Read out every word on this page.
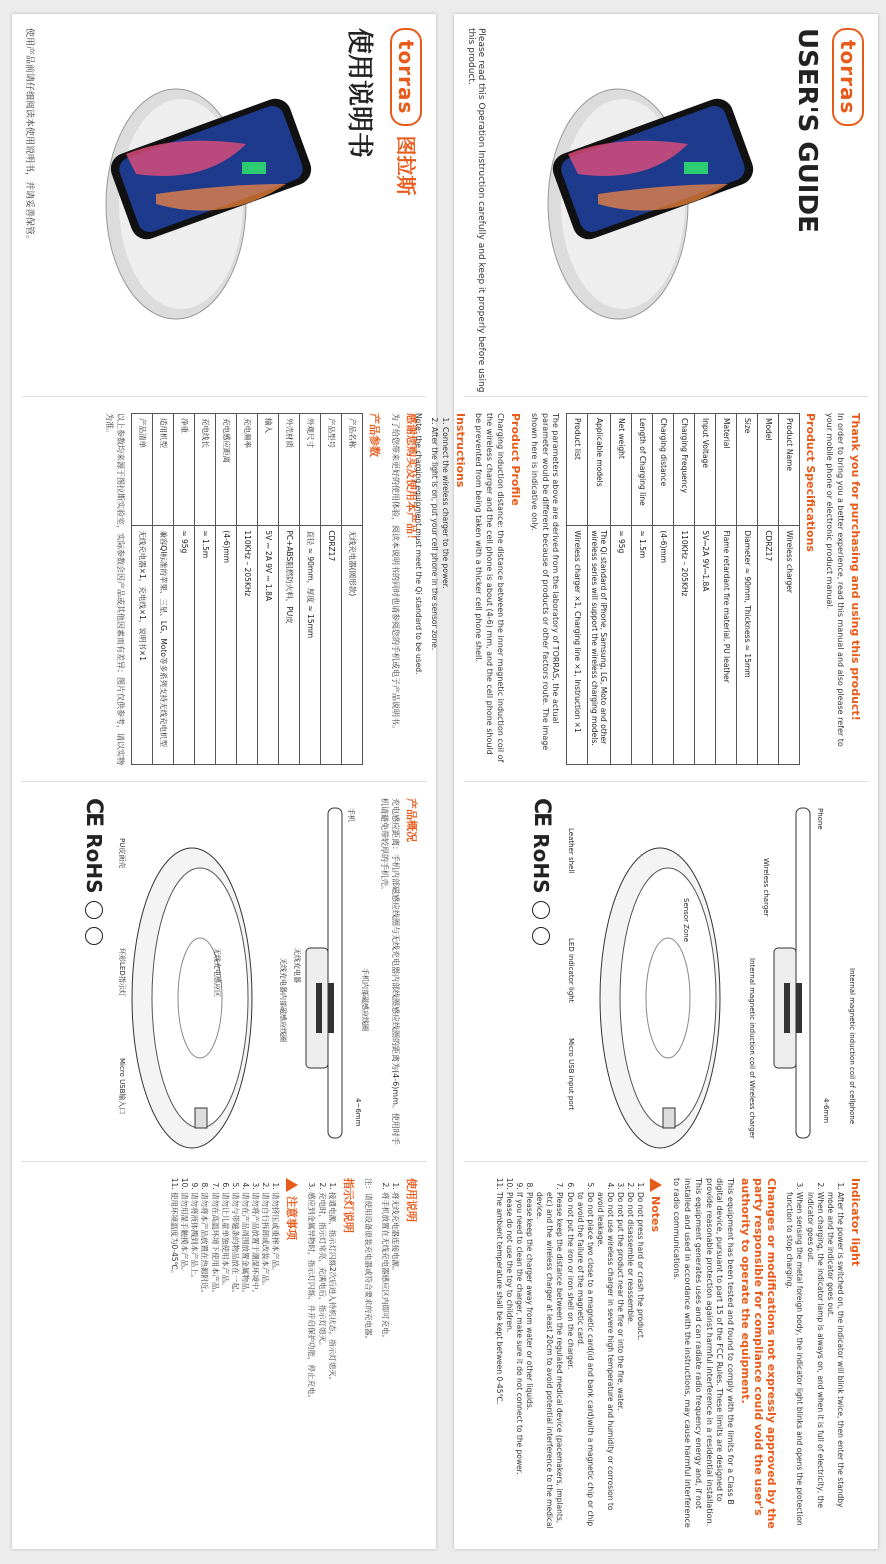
torras 图拉斯
使用说明书
使用产品前请仔细阅读本使用说明书，并请妥善保管。
感谢您购买及使用本产品！

为了给您带来更好的使用体验，阅读本说明书的同时也请参阅您的手机或电子产品说明书。

产品参数
产品名称	无线充电器(圆形款)
产品型号	CDRZ17
外观尺寸	直径 ≈ 90mm，厚度 ≈ 15mm
外壳材质	PC+ABS阻燃防火料，PU皮
输入	5V ⎓ 2A 9V ⎓ 1.8A
充电频率	110KHz – 205KHz
充电感应距离	(4-6)mm
充电线长	≈ 1.5m
净重	≈ 95g
适用机型	兼容QI标准的苹果、三星、LG、Moto等多系列支持无线充电机型
产品清单	无线充电器×1，充电线×1，说明书×1

以上参数均来源于图拉斯实验室，实际参数会因产品或其他因素而有差异；图片仅供参考，请以实物为准。

产品概况

充电感应距离：手机内部磁感应线圈与无线充电器内部线圈感应线圈的距离为(4-6)mm。使用时手机请避免带较厚的手机壳。

手机
无线充电器
手机内部磁感应线圈
无线充电器内部磁感应线圈
无线充电感应区
4~6mm
PU皮面壳
环形LED指示灯
Micro USB输入口
CE
RoHS
使用说明
1. 将无线充电器连接电源。
2. 将手机放置在无线充电器感应区内即可充电。

注：请使用设备原装充电器或符合要求的充电器。

指示灯说明
1. 接通电源，指示灯闪烁2次后进入待机状态，指示灯熄灭。
2. 充电时，指示灯常亮，充满电后，指示灯熄灭。
3. 感应到金属异物时，指示灯闪烁，并开启保护功能，停止充电。
注意事项
1. 请勿挤压或重摔本产品。
2. 请勿自行拆卸或改装本产品。
3. 请勿将产品放置于潮湿环境中。
4. 请勿在产品周围放置金属物品。
5. 请勿与带磁条的物品放在一起。
6. 请勿让儿童单独使用本产品。
7. 请勿在高温环境下使用本产品。
8. 请勿将本产品放置在热源附近。
9. 请勿将液体溅到本产品上。
10. 请勿用湿手触摸本产品。
11. 使用环境温度为0-45℃。
torras
USER'S GUIDE
Please read this Operation Instruction carefully and keep it properly before using this product.
Thank you for purchasing and using this product!

In order to bring you a better experience, read this manual and also please refer to your mobile phone or electronic product manual.

Product Specifications
Product Name	Wireless charger
Model	CDRZ17
Size	Diameter ≈ 90mm, Thickness ≈ 15mm
Material	Flame retardant fire material, PU leather
Input Voltage	5V⎓2A 9V⎓1.8A
Charging Frequency	110KHz – 205KHz
Charging distance	(4-6)mm
Length of Charging line	≈ 1.5m
Net weight	≈ 95g
Applicable models	The Qi standard of iPhone, Samsung, LG, Moto and other wireless series will support the wireless charging models.
Product list	Wireless charger ×1, Charging line ×1, Instruction ×1

The parameters above are derived from the laboratory of TORRAS, the actual parameter would be different because of products or other factors route. The image shown here is indicative only.

Product Profile

Charging induction distance: the distance between the inner magnetic induction coil of the wireless charger and the cell phone is about (4-6) mm, and the cell phone should be prevented from being taken with a thicker cell phone shell.

Instructions
1. Connect the wireless charger to the power.
2. After the light is on, put your cell phone in the sensor zone.

Note: the charging equipment must meet the Qi standard to be used.

Phone
Wireless charger
Internal magnetic induction coil of cellphone
Internal magnetic induction coil of Wireless charger
Sensor Zone
4-6mm
Leather shell
LED indicator light
Micro USB input port
CE
RoHS
Indicator light
1. After the power is switched on, the indicator will blink twice, then enter the standby mode and the indicator goes out.
2. When charging, the indicator lamp is always on, and when it is full of electricity, the indicator goes out.
3. When sensing the metal foreign body, the indicator light blinks and opens the protection function to stop charging.
Changes or modifications not expressly approved by the party responsible for compliance could void the user's authority to operate the equipment.

This equipment has been tested and found to comply with the limits for a Class B digital device, pursuant to part 15 of the FCC Rules. These limits are designed to provide reasonable protection against harmful interference in a residential installation. This equipment generates uses and can radiate radio frequency energy and, if not installed and used in accordance with the instructions, may cause harmful interference to radio communications.

Notes
1. Do not press hard or crash the product.
2. Do not disassemble or reassemble.
3. Do not put the product near the fire or into the fire, water.
4. Do not use wireless charger in severe high temperature and humidity or corrosion to avoid leakage.
5. Do not place two close to a magnetic card(id and bank card)with a magnetic chip or chip to avoid the failure of the magnetic card.
6. Do not put the iron or iron shell on the charger.
7. Please keep the distance between the regulated medical device (pacemakers, implants, etc) and the wireless charger at least 20cm to avoid potential interference to the medical device.
8. Please keep the charger away from water or other liquids.
9. If you need to clean the charger, make sure it do not connect to the power.
10. Please do not use the toy to children.
11. The ambient temperature shall be kept between 0-45℃.
